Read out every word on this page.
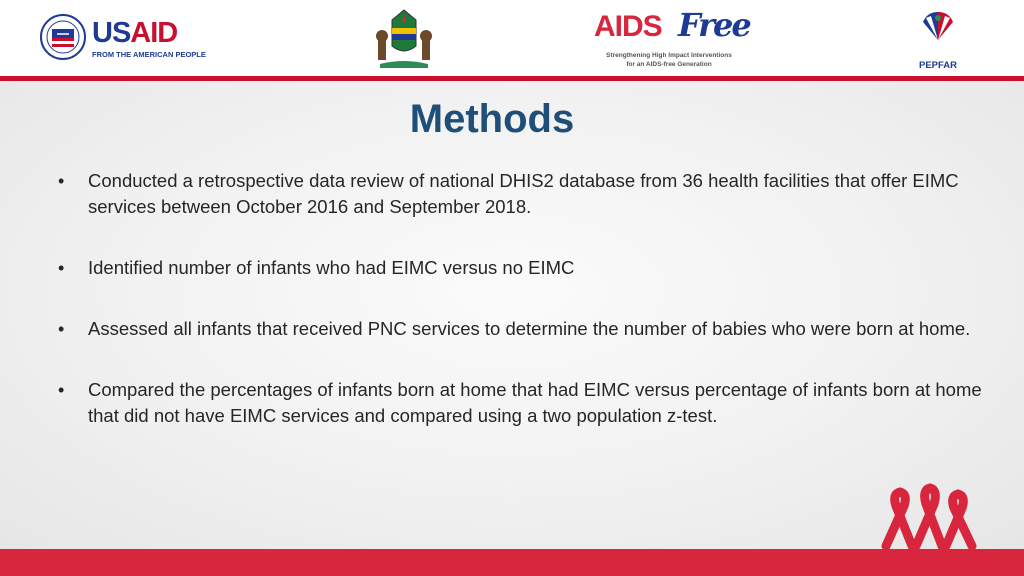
USAID
FROM THE AMERICAN PEOPLE
AIDS Free
Strengthening High Impact Interventions
for an AIDS-free Generation	PEPFAR
Methods
• Conducted a retrospective data review of national DHIS2 database from 36 health facilities that offer EIMC services between October 2016 and September 2018.
• Identified number of infants who had EIMC versus no EIMC
• Assessed all infants that received PNC services to determine the number of babies who were born at home.
• Compared the percentages of infants born at home that had EIMC versus percentage of infants born at home that did not have EIMC services and compared using a two population z-test.
